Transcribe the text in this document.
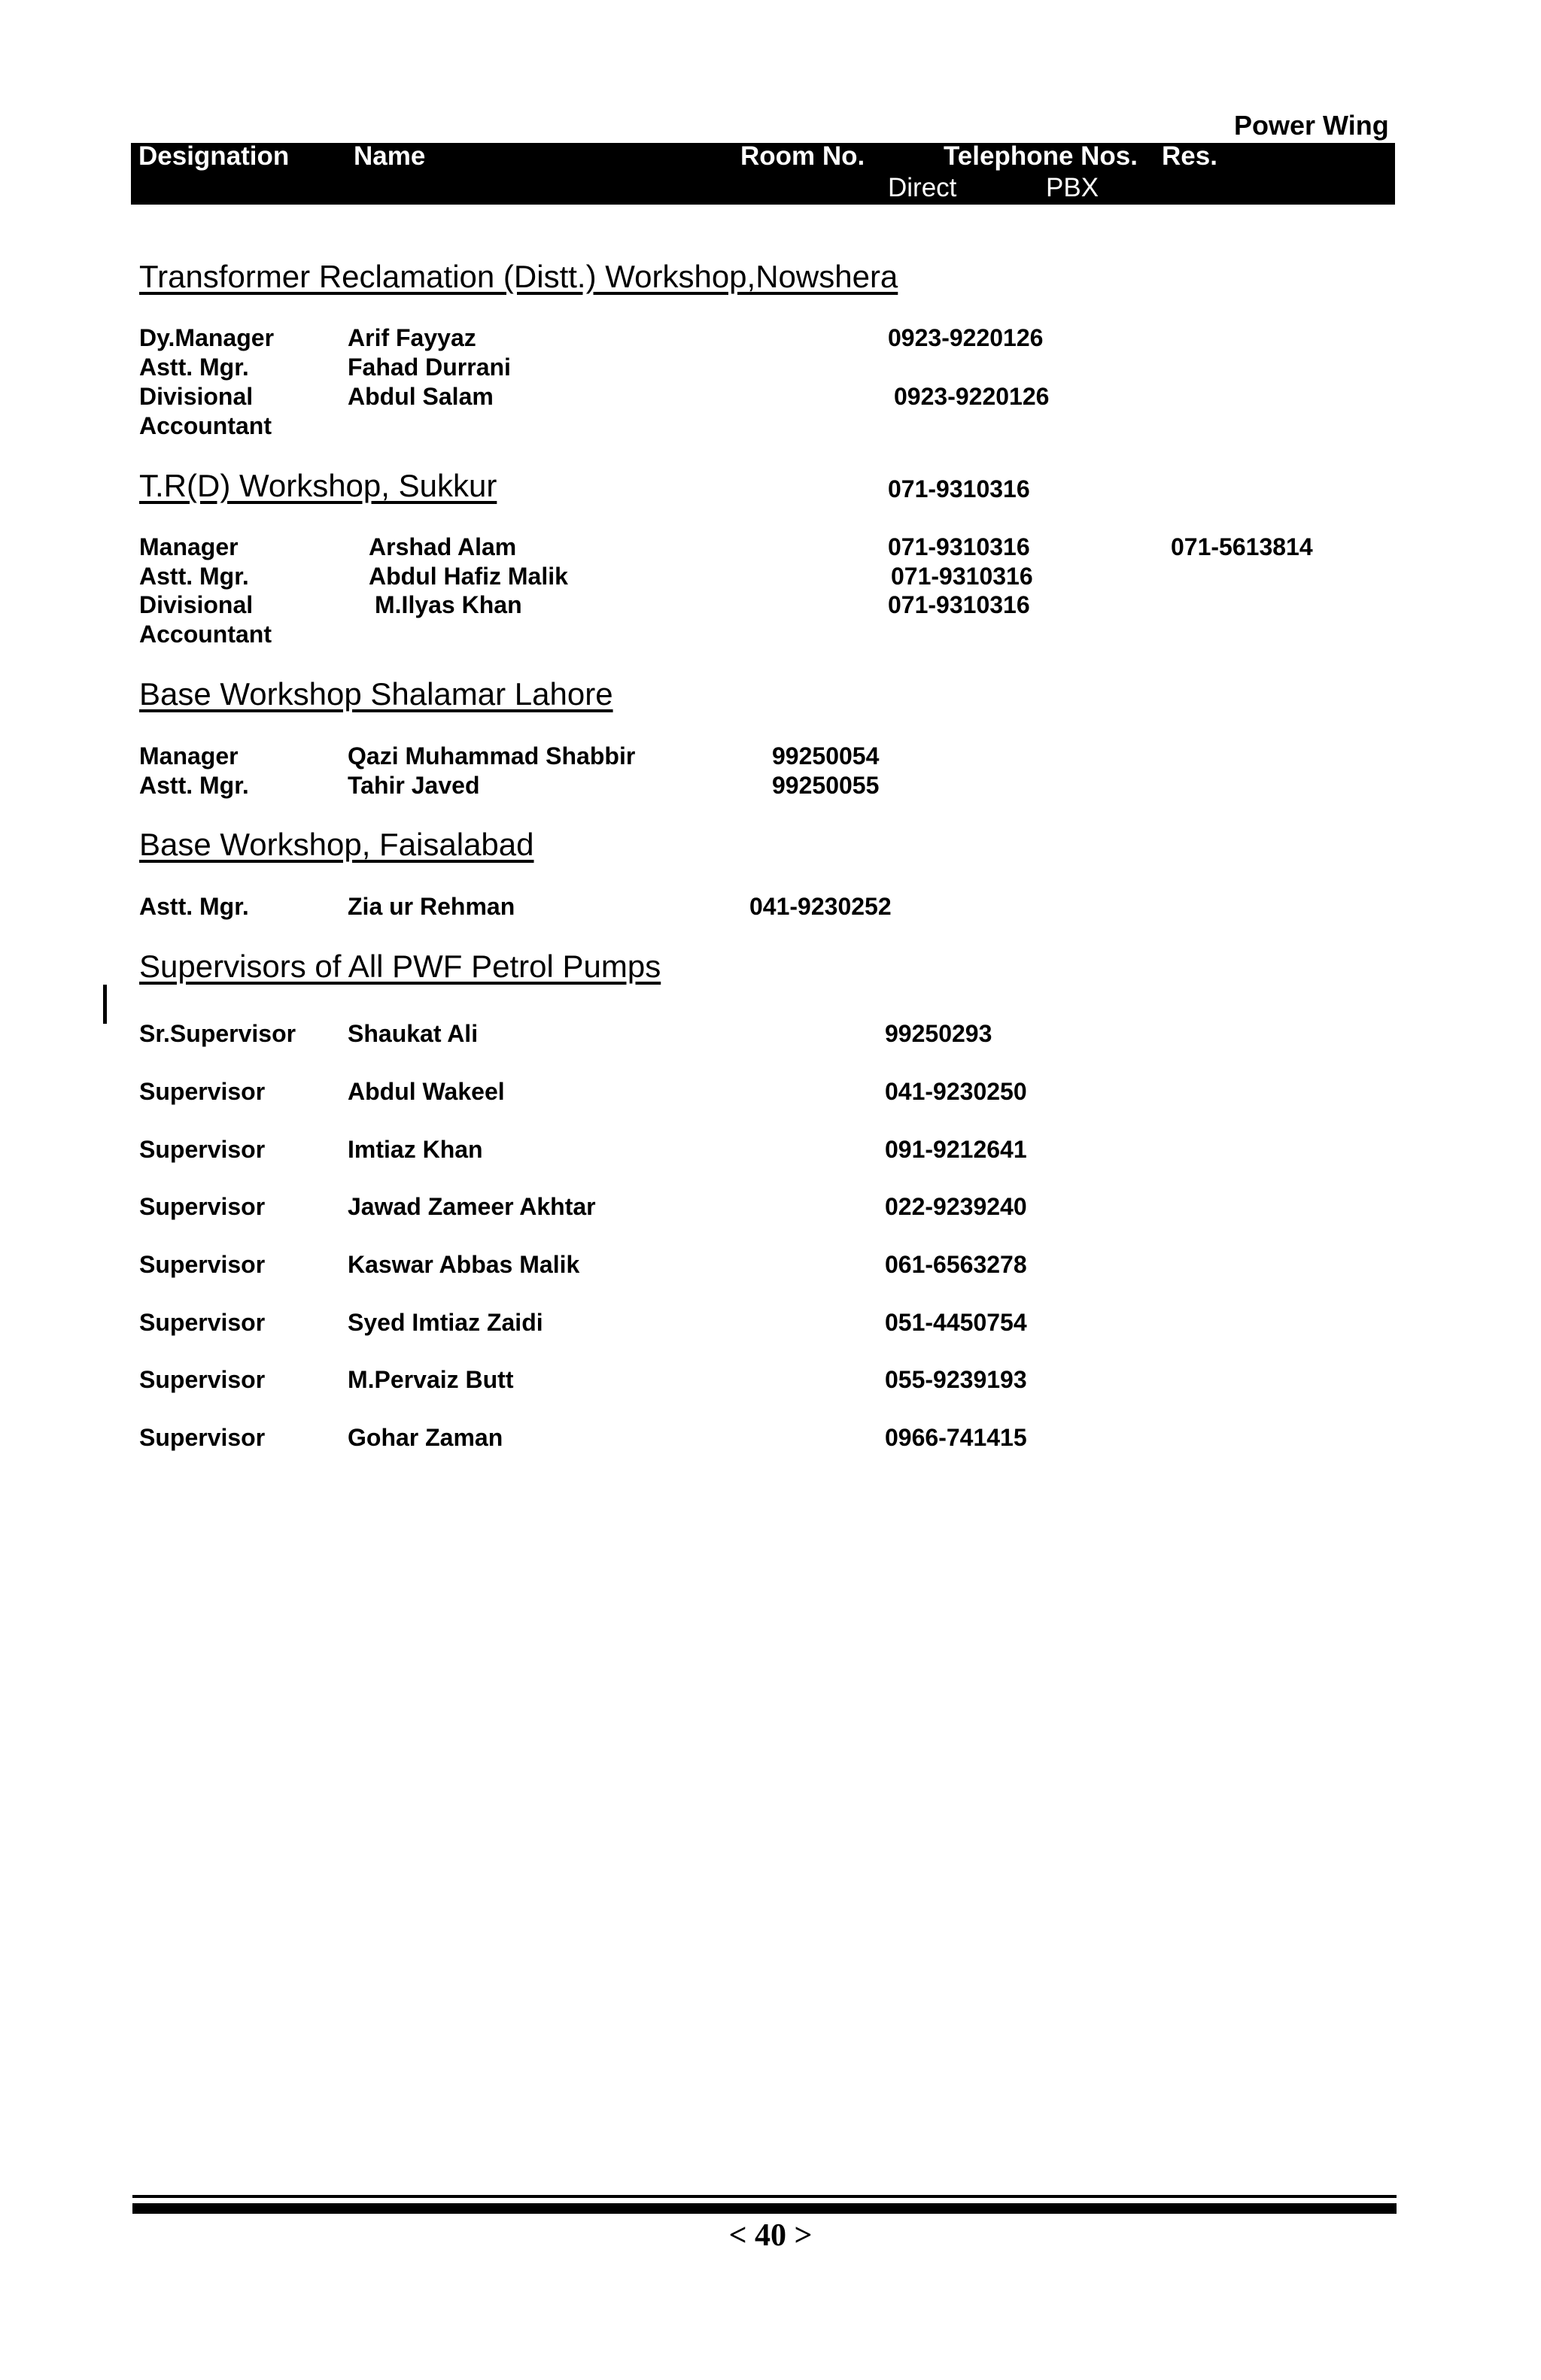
Power Wing
Designation Name	Room No.	Telephone Nos. Res.
Direct	PBX
Transformer Reclamation (Distt.) Workshop,Nowshera
Dy.Manager	Arif Fayyaz	0923-9220126
Astt. Mgr.	Fahad Durrani
Divisional	Abdul Salam	0923-9220126
Accountant
T.R(D) Workshop, Sukkur	071-9310316
Manager	Arshad Alam	071-9310316	071-5613814
Astt. Mgr.	Abdul Hafiz Malik	071-9310316
Divisional	M.Ilyas Khan	071-9310316
Accountant
Base Workshop Shalamar Lahore
Manager	Qazi Muhammad Shabbir	99250054
Astt. Mgr.	Tahir Javed	99250055
Base Workshop, Faisalabad
Astt. Mgr.	Zia ur Rehman	041-9230252
Supervisors of All PWF Petrol Pumps
Sr.Supervisor Shaukat Ali	99250293
Supervisor	Abdul Wakeel	041-9230250
Supervisor	Imtiaz Khan	091-9212641
Supervisor	Jawad Zameer Akhtar	022-9239240
Supervisor	Kaswar Abbas Malik	061-6563278
Supervisor	Syed Imtiaz Zaidi	051-4450754
Supervisor	M.Pervaiz Butt	055-9239193
Supervisor	Gohar Zaman	0966-741415
< 40 >
